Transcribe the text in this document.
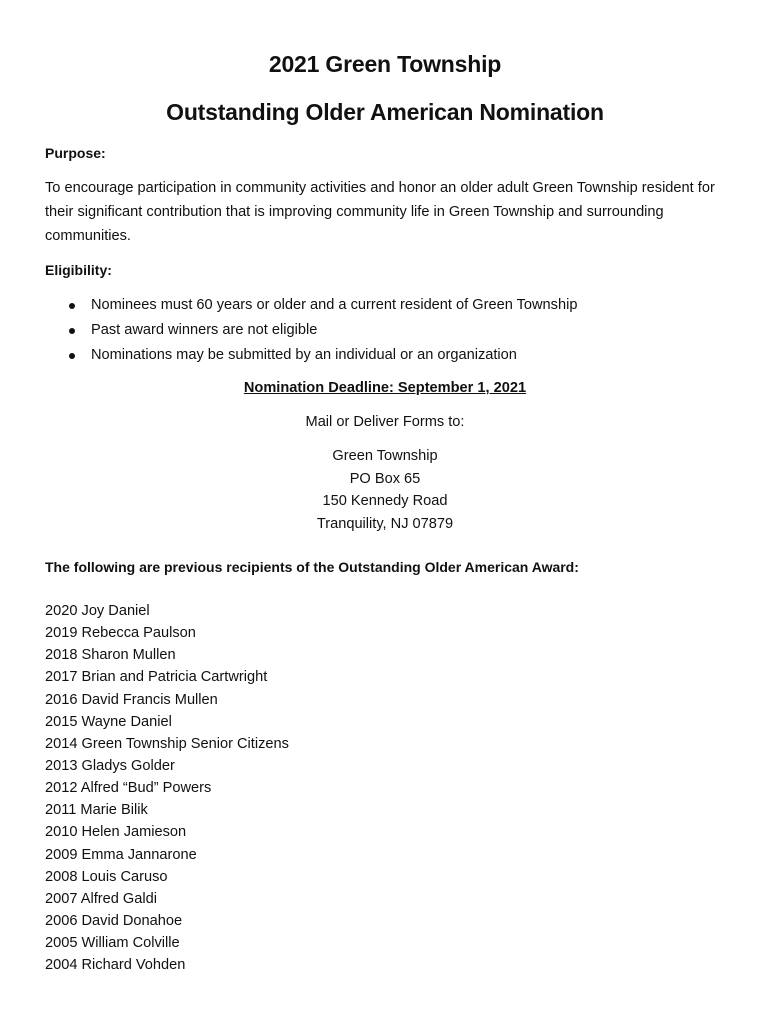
2021 Green Township
Outstanding Older American Nomination
Purpose:
To encourage participation in community activities and honor an older adult Green Township resident for their significant contribution that is improving community life in Green Township and surrounding communities.
Eligibility:
Nominees must 60 years or older and a current resident of Green Township
Past award winners are not eligible
Nominations may be submitted by an individual or an organization
Nomination Deadline: September 1, 2021
Mail or Deliver Forms to:
Green Township
PO Box 65
150 Kennedy Road
Tranquility, NJ 07879
The following are previous recipients of the Outstanding Older American Award:
2020 Joy Daniel
2019 Rebecca Paulson
2018 Sharon Mullen
2017 Brian and Patricia Cartwright
2016 David Francis Mullen
2015 Wayne Daniel
2014 Green Township Senior Citizens
2013 Gladys Golder
2012 Alfred “Bud” Powers
2011 Marie Bilik
2010 Helen Jamieson
2009 Emma Jannarone
2008 Louis Caruso
2007 Alfred Galdi
2006 David Donahoe
2005 William Colville
2004 Richard Vohden
